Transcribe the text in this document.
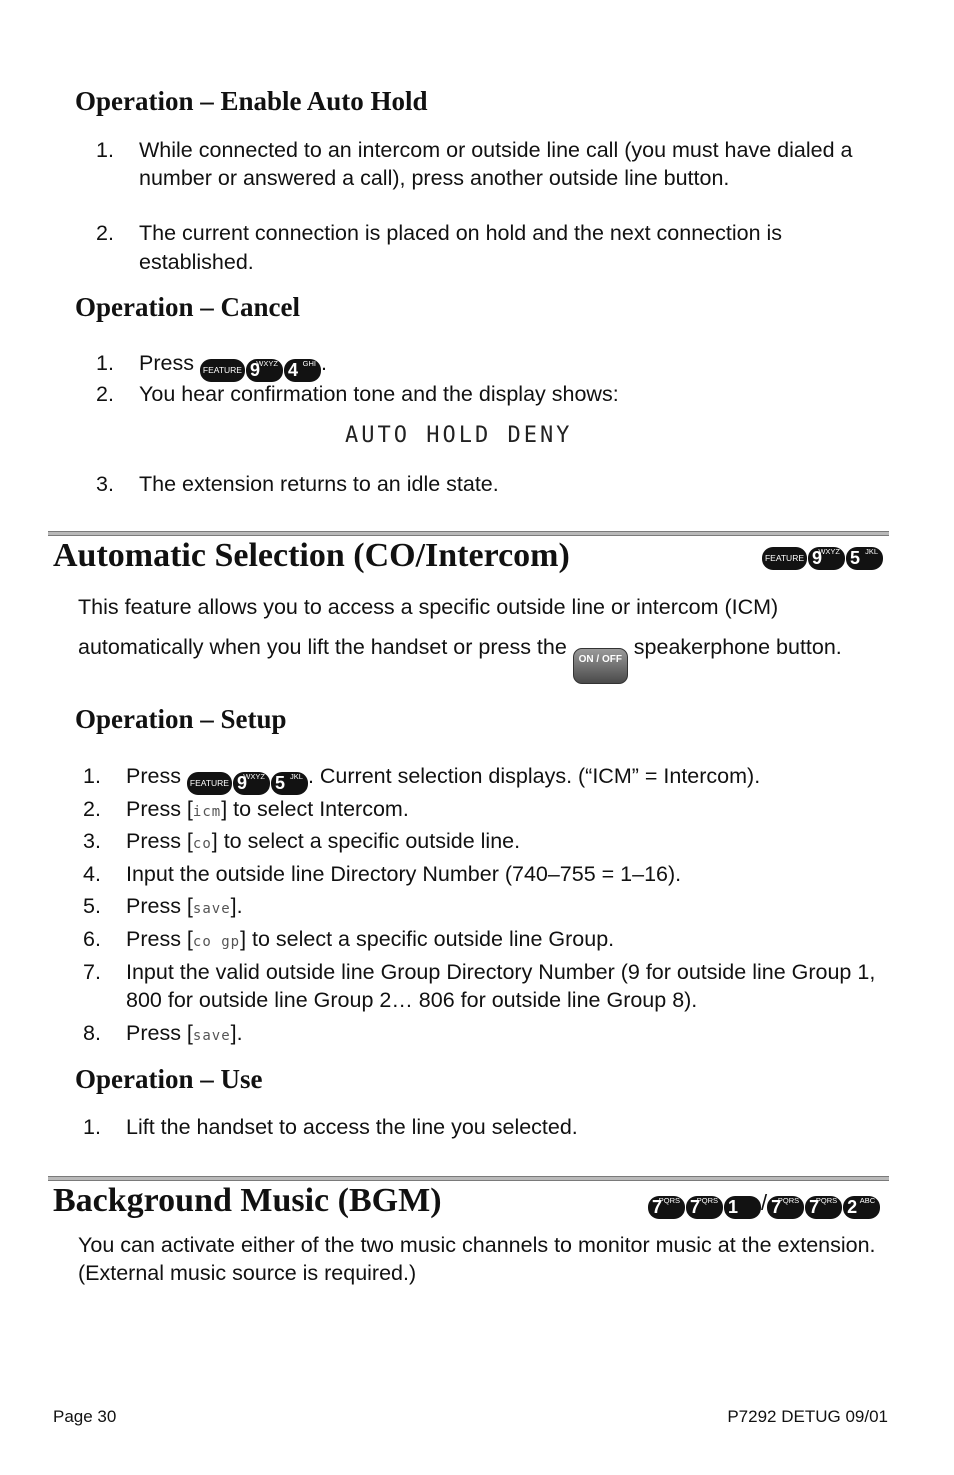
Operation – Enable Auto Hold
1. While connected to an intercom or outside line call (you must have dialed a number or answered a call), press another outside line button.
2. The current connection is placed on hold and the next connection is established.
Operation – Cancel
1. Press	FEATURE 9
WXYZ 4 GHI .
2. You hear confirmation tone and the display shows:
AUTO HOLD DENY
3. The extension returns to an idle state.
Automatic Selection (CO/Intercom)	FEATURE 9
WXYZ 5 JKL
This feature allows you to access a specific outside line or intercom (ICM) automatically when you lift the handset or press the ON / OFF speakerphone button.
Operation – Setup
1. Press	FEATURE 9
WXYZ 5 JKL . Current selection displays. (“ICM” = Intercom).
2. Press [icm] to select Intercom.
3. Press [co] to select a specific outside line.
4. Input the outside line Directory Number (740–755 = 1–16).
5. Press [save].
6. Press [co gp] to select a specific outside line Group.
7. Input the valid outside line Group Directory Number (9 for outside line Group 1, 800 for outside line Group 2… 806 for outside line Group 8).
8. Press [save].
Operation – Use
1. Lift the handset to access the line you selected.
Background Music (BGM)	7
PQRS 7
PQRS 1	/ 7
PQRS 7
PQRS 2 ABC
You can activate either of the two music channels to monitor music at the extension. (External music source is required.)
Page 30	P7292 DETUG 09/01
